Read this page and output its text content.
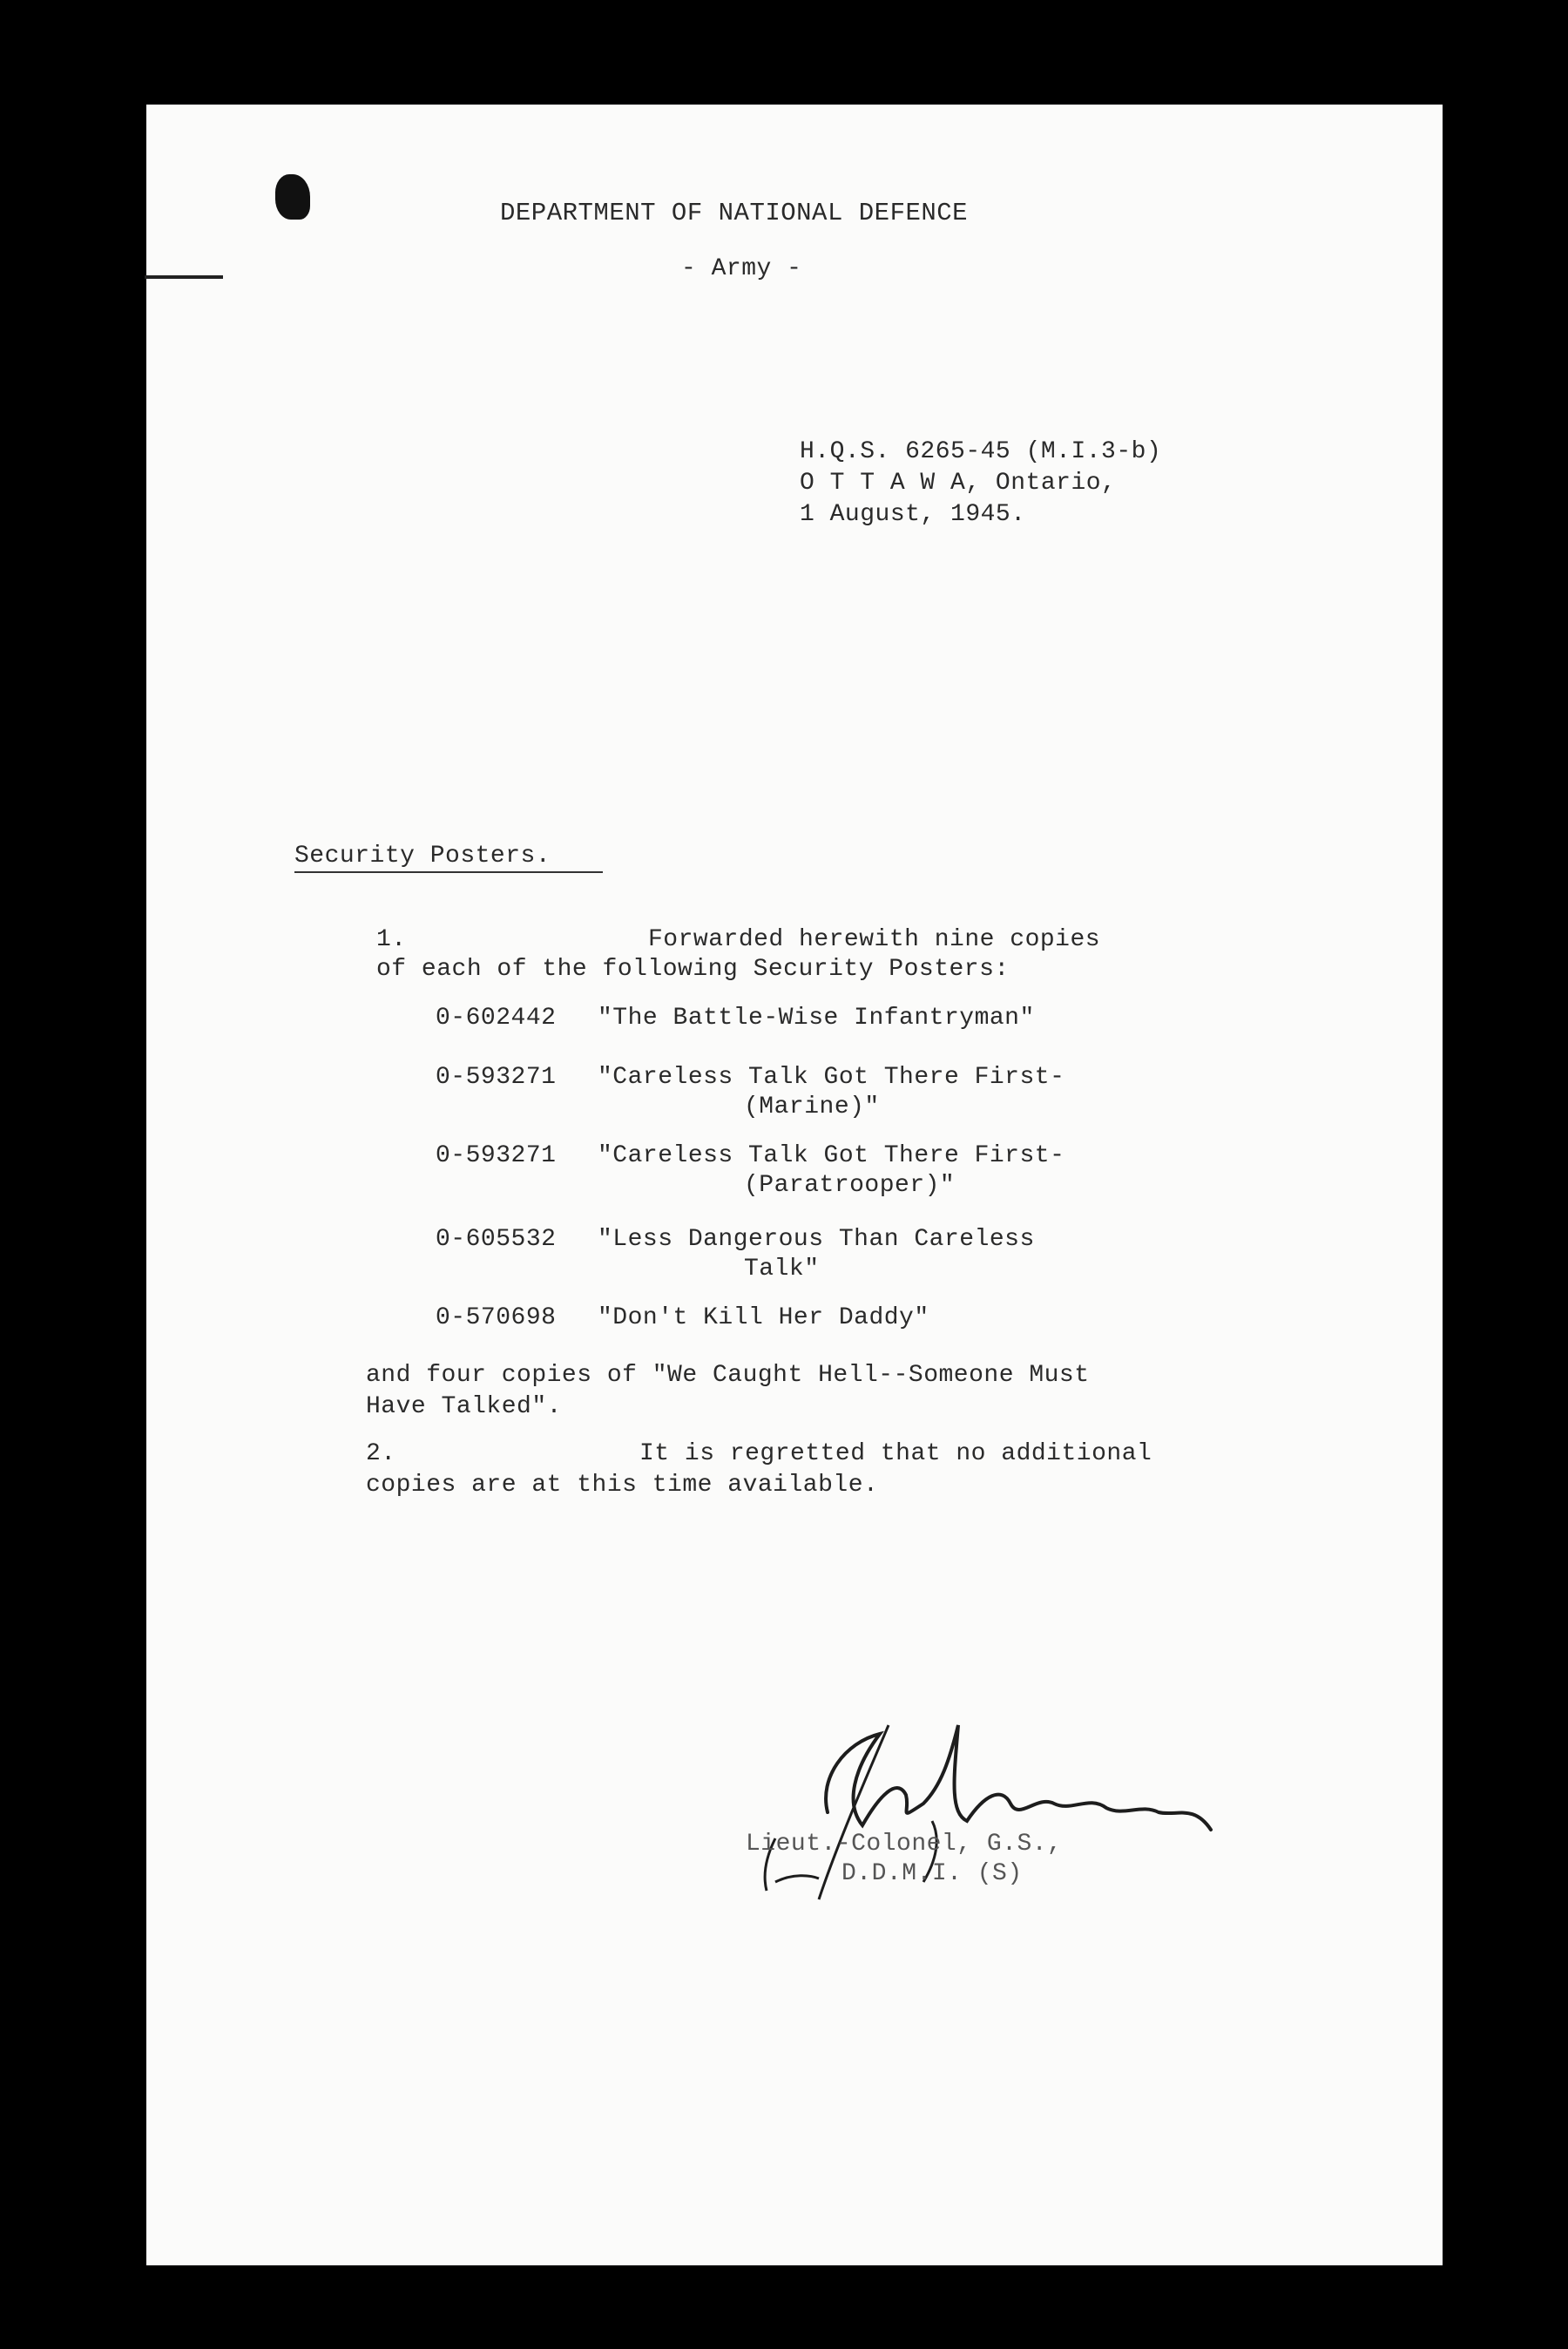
DEPARTMENT OF NATIONAL DEFENCE
- Army -
H.Q.S. 6265-45 (M.I.3-b)
O T T A W A, Ontario,
1 August, 1945.
Security Posters.
1.	Forwarded herewith nine copies
of each of the following Security Posters:
0-602442 "The Battle-Wise Infantryman"
0-593271 "Careless Talk Got There First-
(Marine)"
0-593271 "Careless Talk Got There First-
(Paratrooper)"
0-605532 "Less Dangerous Than Careless
Talk"
0-570698 "Don't Kill Her Daddy"
and four copies of "We Caught Hell--Someone Must
Have Talked".
2.	It is regretted that no additional
copies are at this time available.
Lieut.-Colonel, G.S.,
D.D.M.I. (S)
